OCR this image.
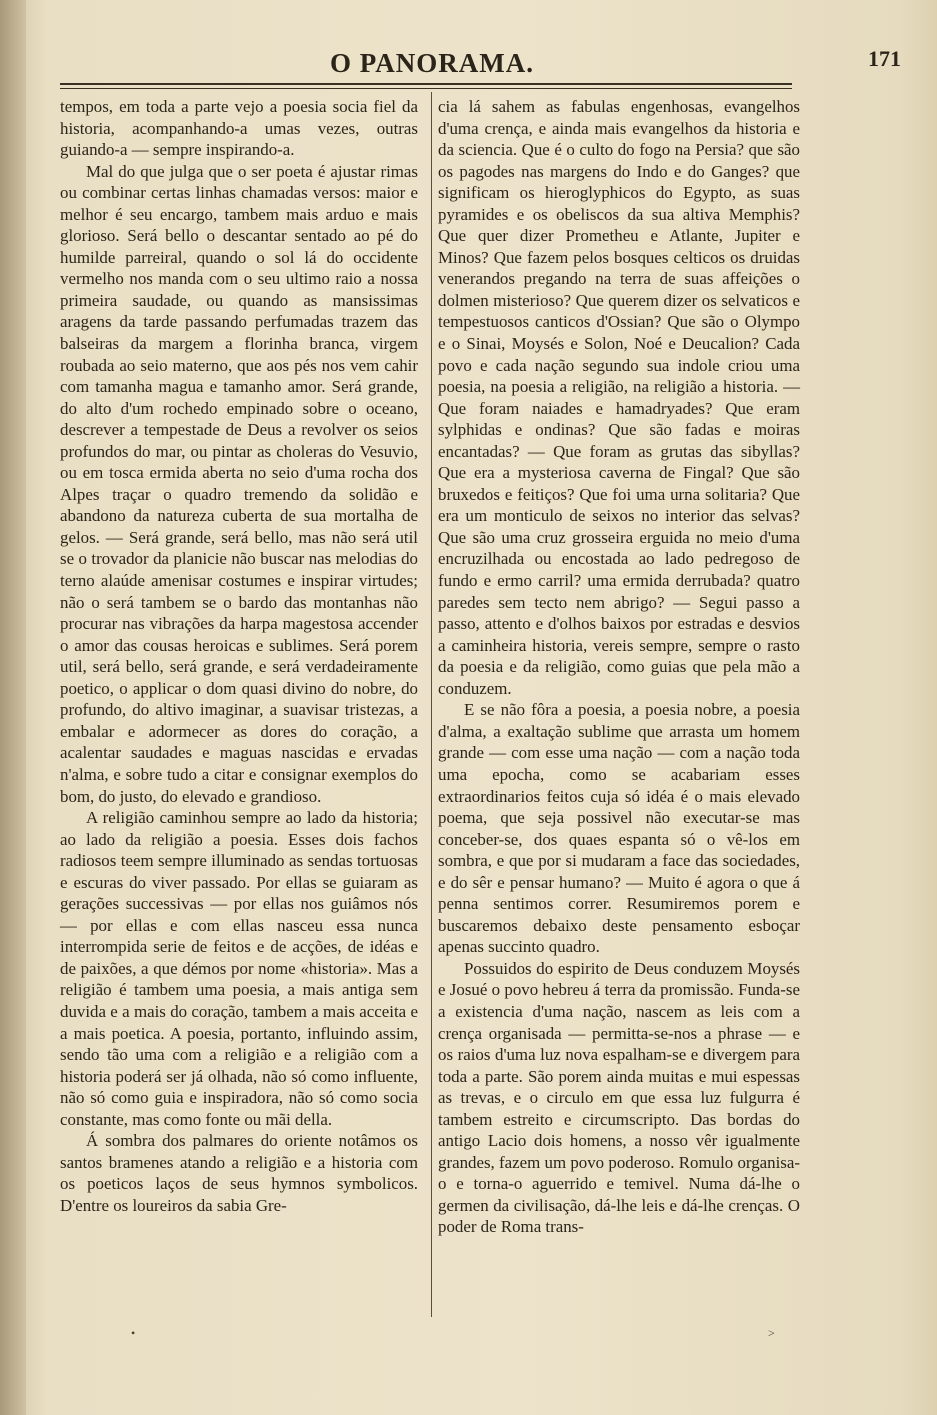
O PANORAMA.	171

tempos, em toda a parte vejo a poesia socia fiel da historia, acompanhando-a umas vezes, outras guiando-a — sempre inspirando-a.

Mal do que julga que o ser poeta é ajustar rimas ou combinar certas linhas chamadas versos: maior e melhor é seu encargo, tambem mais arduo e mais glorioso. Será bello o descantar sentado ao pé do humilde parreiral, quando o sol lá do occidente vermelho nos manda com o seu ultimo raio a nossa primeira saudade, ou quando as mansissimas aragens da tarde passando perfumadas trazem das balseiras da margem a florinha branca, virgem roubada ao seio materno, que aos pés nos vem cahir com tamanha magua e tamanho amor. Será grande, do alto d'um rochedo empinado sobre o oceano, descrever a tempestade de Deus a revolver os seios profundos do mar, ou pintar as choleras do Vesuvio, ou em tosca ermida aberta no seio d'uma rocha dos Alpes traçar o quadro tremendo da solidão e abandono da natureza cuberta de sua mortalha de gelos. — Será grande, será bello, mas não será util se o trovador da planicie não buscar nas melodias do terno alaúde amenisar costumes e inspirar virtudes; não o será tambem se o bardo das montanhas não procurar nas vibrações da harpa magestosa accender o amor das cousas heroicas e sublimes. Será porem util, será bello, será grande, e será verdadeiramente poetico, o applicar o dom quasi divino do nobre, do profundo, do altivo imaginar, a suavisar tristezas, a embalar e adormecer as dores do coração, a acalentar saudades e maguas nascidas e ervadas n'alma, e sobre tudo a citar e consignar exemplos do bom, do justo, do elevado e grandioso.

A religião caminhou sempre ao lado da historia; ao lado da religião a poesia. Esses dois fachos radiosos teem sempre illuminado as sendas tortuosas e escuras do viver passado. Por ellas se guiaram as gerações successivas — por ellas nos guiâmos nós — por ellas e com ellas nasceu essa nunca interrompida serie de feitos e de acções, de idéas e de paixões, a que démos por nome «historia». Mas a religião é tambem uma poesia, a mais antiga sem duvida e a mais do coração, tambem a mais acceita e a mais poetica. A poesia, portanto, influindo assim, sendo tão uma com a religião e a religião com a historia poderá ser já olhada, não só como influente, não só como guia e inspiradora, não só como socia constante, mas como fonte ou mãi della.

Á sombra dos palmares do oriente notâmos os santos bramenes atando a religião e a historia com os poeticos laços de seus hymnos symbolicos. D'entre os loureiros da sabia Gre-

cia lá sahem as fabulas engenhosas, evangelhos d'uma crença, e ainda mais evangelhos da historia e da sciencia. Que é o culto do fogo na Persia? que são os pagodes nas margens do Indo e do Ganges? que significam os hieroglyphicos do Egypto, as suas pyramides e os obeliscos da sua altiva Memphis? Que quer dizer Prometheu e Atlante, Jupiter e Minos? Que fazem pelos bosques celticos os druidas venerandos pregando na terra de suas affeições o dolmen misterioso? Que querem dizer os selvaticos e tempestuosos canticos d'Ossian? Que são o Olympo e o Sinai, Moysés e Solon, Noé e Deucalion? Cada povo e cada nação segundo sua indole criou uma poesia, na poesia a religião, na religião a historia. — Que foram naiades e hamadryades? Que eram sylphidas e ondinas? Que são fadas e moiras encantadas? — Que foram as grutas das sibyllas? Que era a mysteriosa caverna de Fingal? Que são bruxedos e feitiços? Que foi uma urna solitaria? Que era um monticulo de seixos no interior das selvas? Que são uma cruz grosseira erguida no meio d'uma encruzilhada ou encostada ao lado pedregoso de fundo e ermo carril? uma ermida derrubada? quatro paredes sem tecto nem abrigo? — Segui passo a passo, attento e d'olhos baixos por estradas e desvios a caminheira historia, vereis sempre, sempre o rasto da poesia e da religião, como guias que pela mão a conduzem.

E se não fôra a poesia, a poesia nobre, a poesia d'alma, a exaltação sublime que arrasta um homem grande — com esse uma nação — com a nação toda uma epocha, como se acabariam esses extraordinarios feitos cuja só idéa é o mais elevado poema, que seja possivel não executar-se mas conceber-se, dos quaes espanta só o vê-los em sombra, e que por si mudaram a face das sociedades, e do sêr e pensar humano? — Muito é agora o que á penna sentimos correr. Resumiremos porem e buscaremos debaixo deste pensamento esboçar apenas succinto quadro.

Possuidos do espirito de Deus conduzem Moysés e Josué o povo hebreu á terra da promissão. Funda-se a existencia d'uma nação, nascem as leis com a crença organisada — permitta-se-nos a phrase — e os raios d'uma luz nova espalham-se e divergem para toda a parte. São porem ainda muitas e mui espessas as trevas, e o circulo em que essa luz fulgurra é tambem estreito e circumscripto. Das bordas do antigo Lacio dois homens, a nosso vêr igualmente grandes, fazem um povo poderoso. Romulo organisa-o e torna-o aguerrido e temivel. Numa dá-lhe o germen da civilisação, dá-lhe leis e dá-lhe crenças. O poder de Roma trans-

•	>
